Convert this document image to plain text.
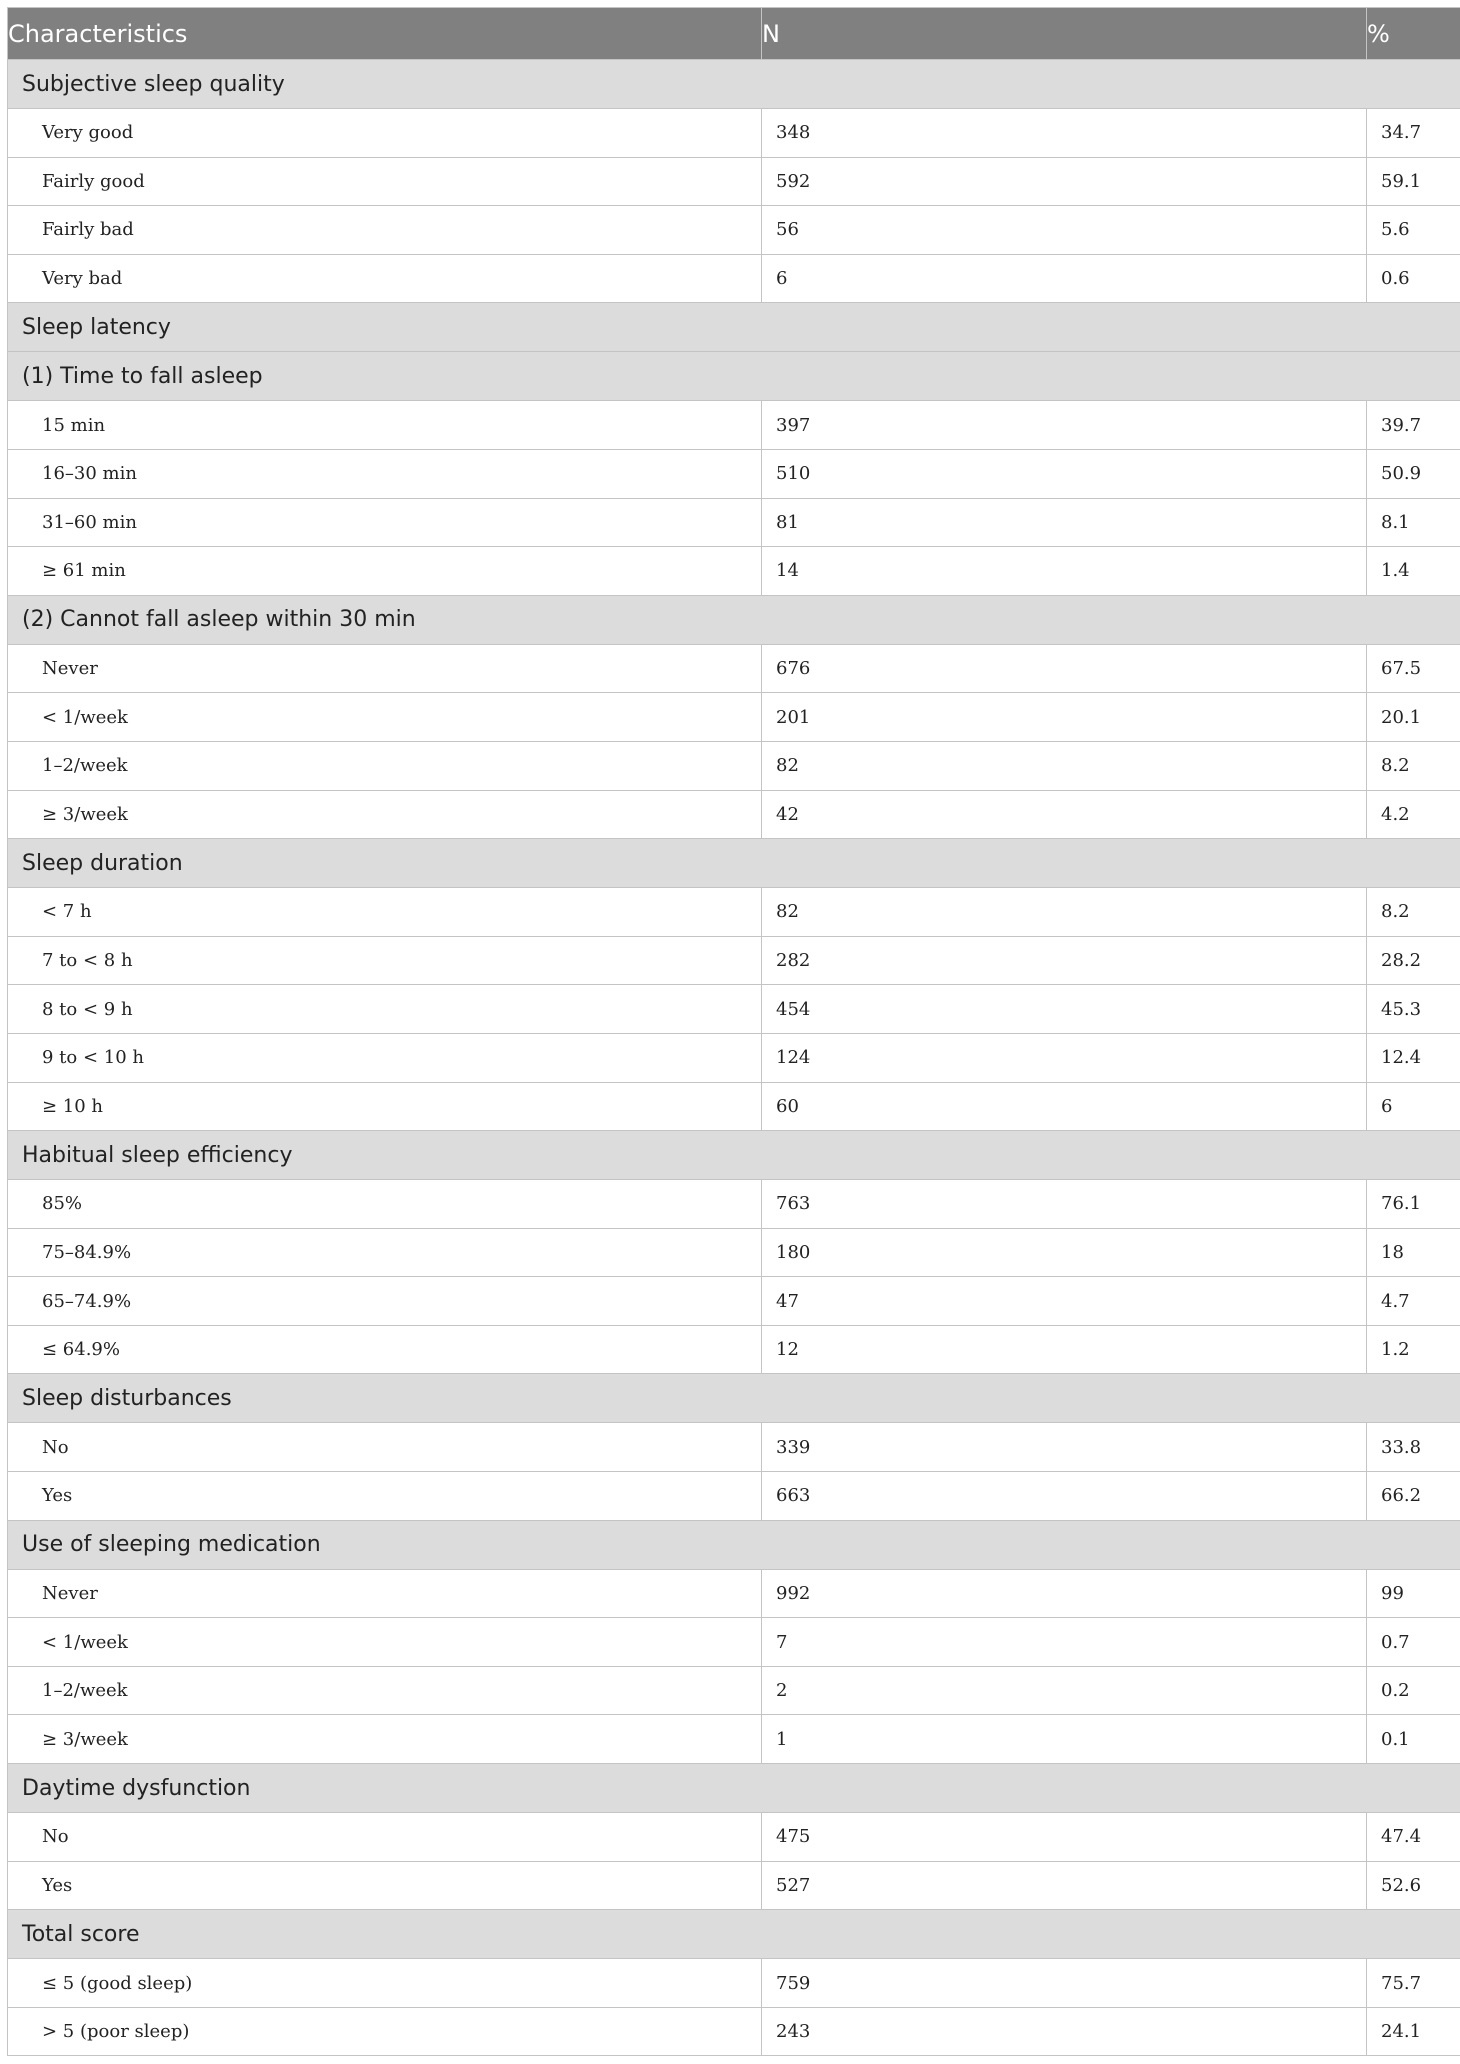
Characteristics	N	%
Subjective sleep quality		
Very good	348	34.7
Fairly good	592	59.1
Fairly bad	56	5.6
Very bad	6	0.6
Sleep latency		
(1) Time to fall asleep		
15 min	397	39.7
16–30 min	510	50.9
31–60 min	81	8.1
≥ 61 min	14	1.4
(2) Cannot fall asleep within 30 min		
Never	676	67.5
< 1/week	201	20.1
1–2/week	82	8.2
≥ 3/week	42	4.2
Sleep duration		
< 7 h	82	8.2
7 to < 8 h	282	28.2
8 to < 9 h	454	45.3
9 to < 10 h	124	12.4
≥ 10 h	60	6
Habitual sleep efficiency		
85%	763	76.1
75–84.9%	180	18
65–74.9%	47	4.7
≤ 64.9%	12	1.2
Sleep disturbances		
No	339	33.8
Yes	663	66.2
Use of sleeping medication		
Never	992	99
< 1/week	7	0.7
1–2/week	2	0.2
≥ 3/week	1	0.1
Daytime dysfunction		
No	475	47.4
Yes	527	52.6
Total score		
≤ 5 (good sleep)	759	75.7
> 5 (poor sleep)	243	24.1
